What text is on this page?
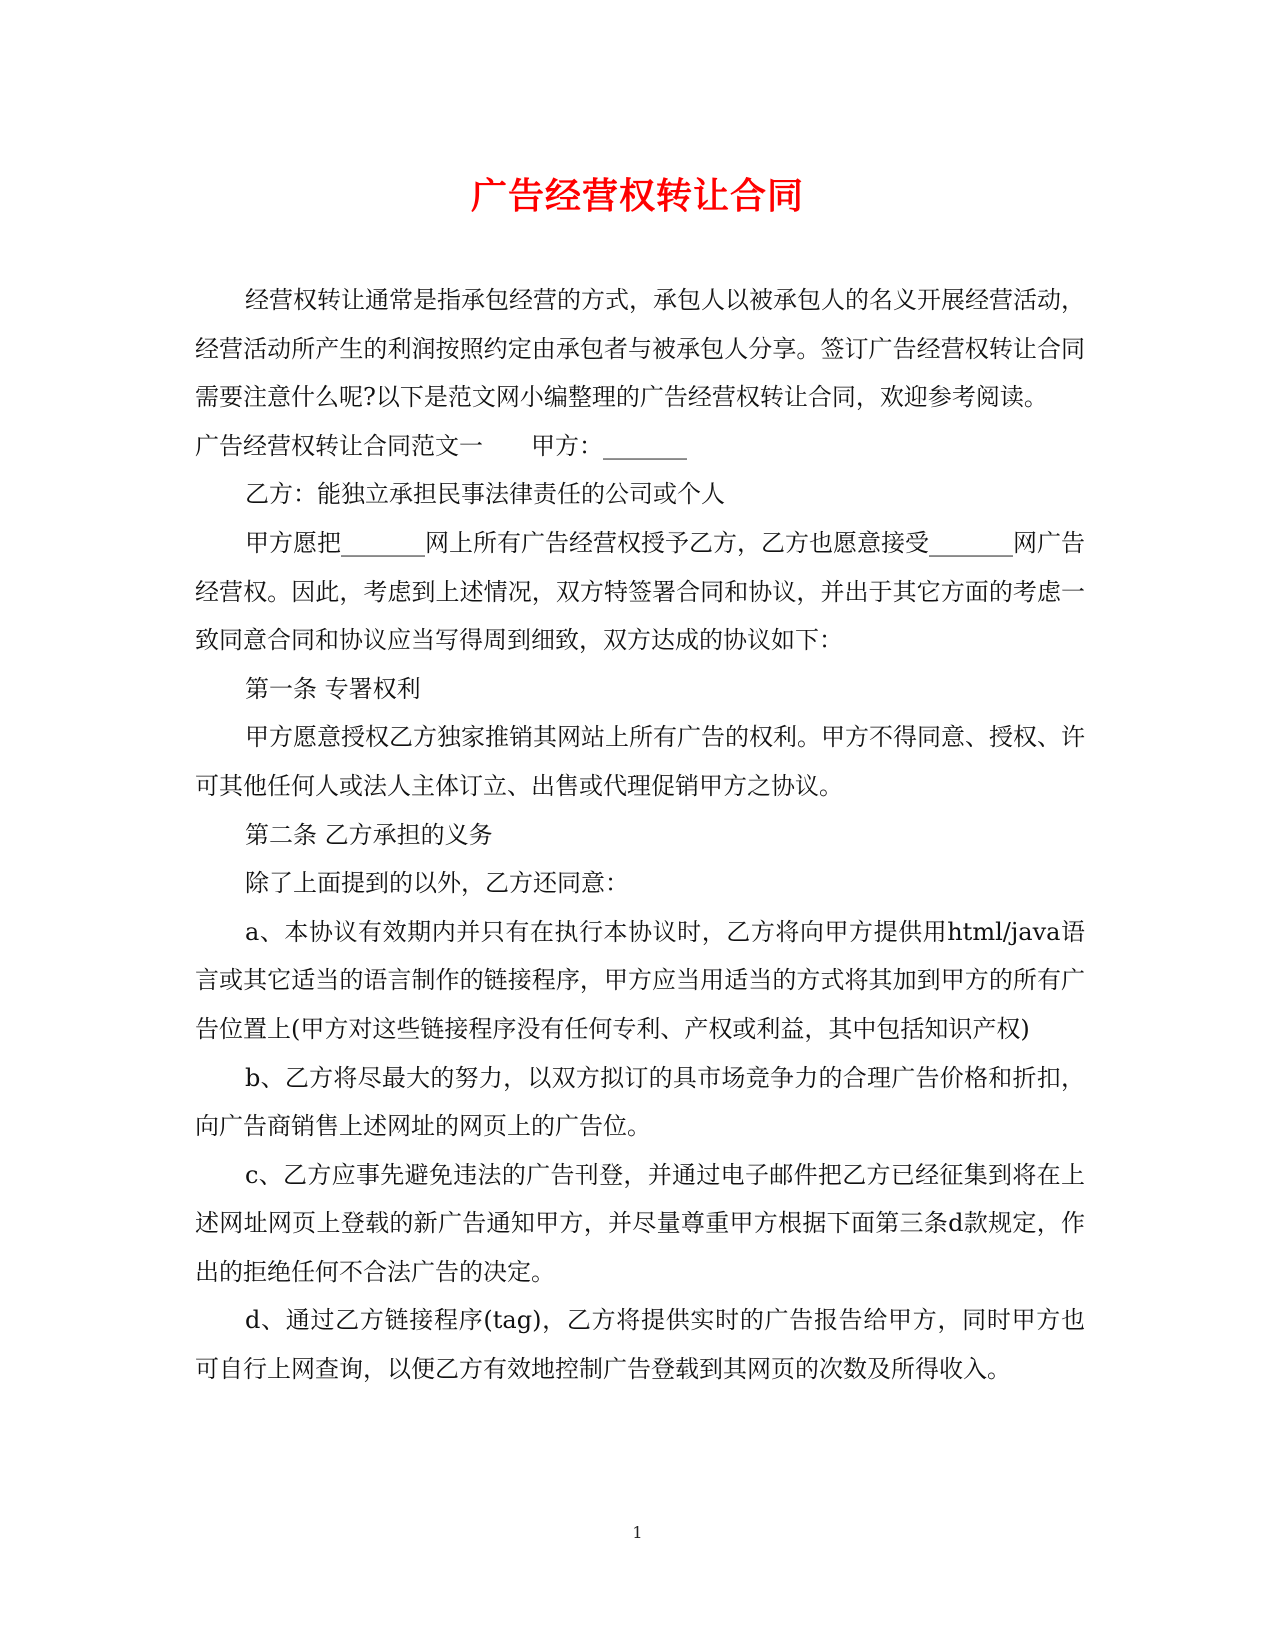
广告经营权转让合同

经营权转让通常是指承包经营的方式，承包人以被承包人的名义开展经营活动，经营活动所产生的利润按照约定由承包者与被承包人分享。签订广告经营权转让合同需要注意什么呢?以下是范文网小编整理的广告经营权转让合同，欢迎参考阅读。

广告经营权转让合同范文一　　甲方：_______

乙方：能独立承担民事法律责任的公司或个人

甲方愿把_______网上所有广告经营权授予乙方，乙方也愿意接受_______网广告经营权。因此，考虑到上述情况，双方特签署合同和协议，并出于其它方面的考虑一致同意合同和协议应当写得周到细致，双方达成的协议如下：

第一条 专署权利

甲方愿意授权乙方独家推销其网站上所有广告的权利。甲方不得同意、授权、许可其他任何人或法人主体订立、出售或代理促销甲方之协议。

第二条 乙方承担的义务

除了上面提到的以外，乙方还同意：

a、本协议有效期内并只有在执行本协议时，乙方将向甲方提供用html/java语言或其它适当的语言制作的链接程序，甲方应当用适当的方式将其加到甲方的所有广告位置上(甲方对这些链接程序没有任何专利、产权或利益，其中包括知识产权)

b、乙方将尽最大的努力，以双方拟订的具市场竞争力的合理广告价格和折扣，向广告商销售上述网址的网页上的广告位。

c、乙方应事先避免违法的广告刊登，并通过电子邮件把乙方已经征集到将在上述网址网页上登载的新广告通知甲方，并尽量尊重甲方根据下面第三条d款规定，作出的拒绝任何不合法广告的决定。

d、通过乙方链接程序(tag)，乙方将提供实时的广告报告给甲方，同时甲方也可自行上网查询，以便乙方有效地控制广告登载到其网页的次数及所得收入。

1
